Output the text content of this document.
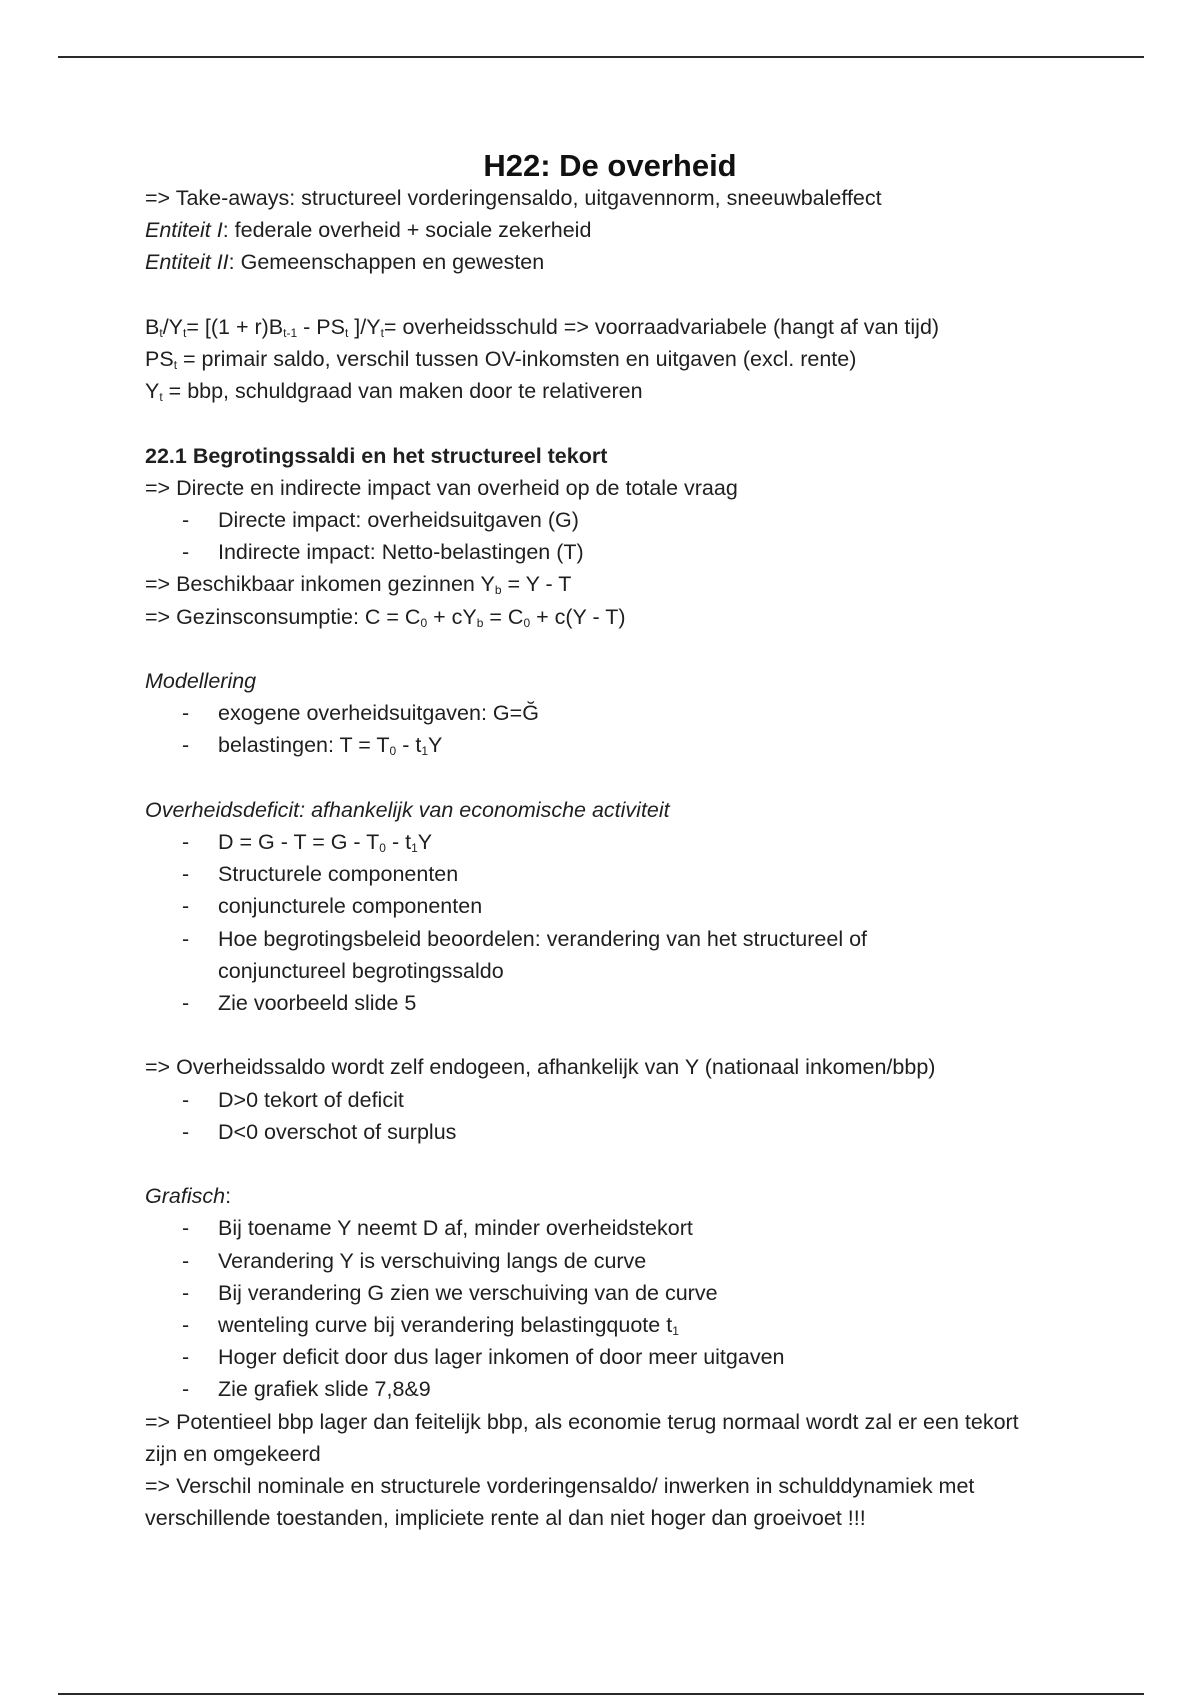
H22: De overheid

=> Take-aways: structureel vorderingensaldo, uitgavennorm, sneeuwbaleffect

Entiteit I: federale overheid + sociale zekerheid

Entiteit II: Gemeenschappen en gewesten

$B_t/Y_t= [(1 + r)B_{t-1} - PS_t$ ]$/Y_t=$ overheidsschuld => voorraadvariabele (hangt af van tijd)

$PS_t$ = primair saldo, verschil tussen OV-inkomsten en uitgaven (excl. rente)

$Y_t$ = bbp, schuldgraad van maken door te relativeren

22.1 Begrotingssaldi en het structureel tekort

=> Directe en indirecte impact van overheid op de totale vraag

- Directe impact: overheidsuitgaven (G)
- Indirecte impact: Netto-belastingen (T)

=> Beschikbaar inkomen gezinnen $Y_b = Y - T$

=> Gezinsconsumptie: $C = C_0 + cY_b = C_0 + c(Y - T)$

Modellering

- exogene overheidsuitgaven: G=Ğ
- belastingen: $T = T_0 - t_1Y$

Overheidsdeficit: afhankelijk van economische activiteit

- $D = G - T = G - T_0 - t_1Y$
- Structurele componenten
- conjuncturele componenten
- Hoe begrotingsbeleid beoordelen: verandering van het structureel of conjunctureel begrotingssaldo
- Zie voorbeeld slide 5

=> Overheidssaldo wordt zelf endogeen, afhankelijk van Y (nationaal inkomen/bbp)

- D>0 tekort of deficit
- D<0 overschot of surplus

Grafisch:

- Bij toename Y neemt D af, minder overheidstekort
- Verandering Y is verschuiving langs de curve
- Bij verandering G zien we verschuiving van de curve
- wenteling curve bij verandering belastingquote $t_1$
- Hoger deficit door dus lager inkomen of door meer uitgaven
- Zie grafiek slide 7,8&9

=> Potentieel bbp lager dan feitelijk bbp, als economie terug normaal wordt zal er een tekort zijn en omgekeerd

=> Verschil nominale en structurele vorderingensaldo/ inwerken in schulddynamiek met verschillende toestanden, impliciete rente al dan niet hoger dan groeivoet !!!
